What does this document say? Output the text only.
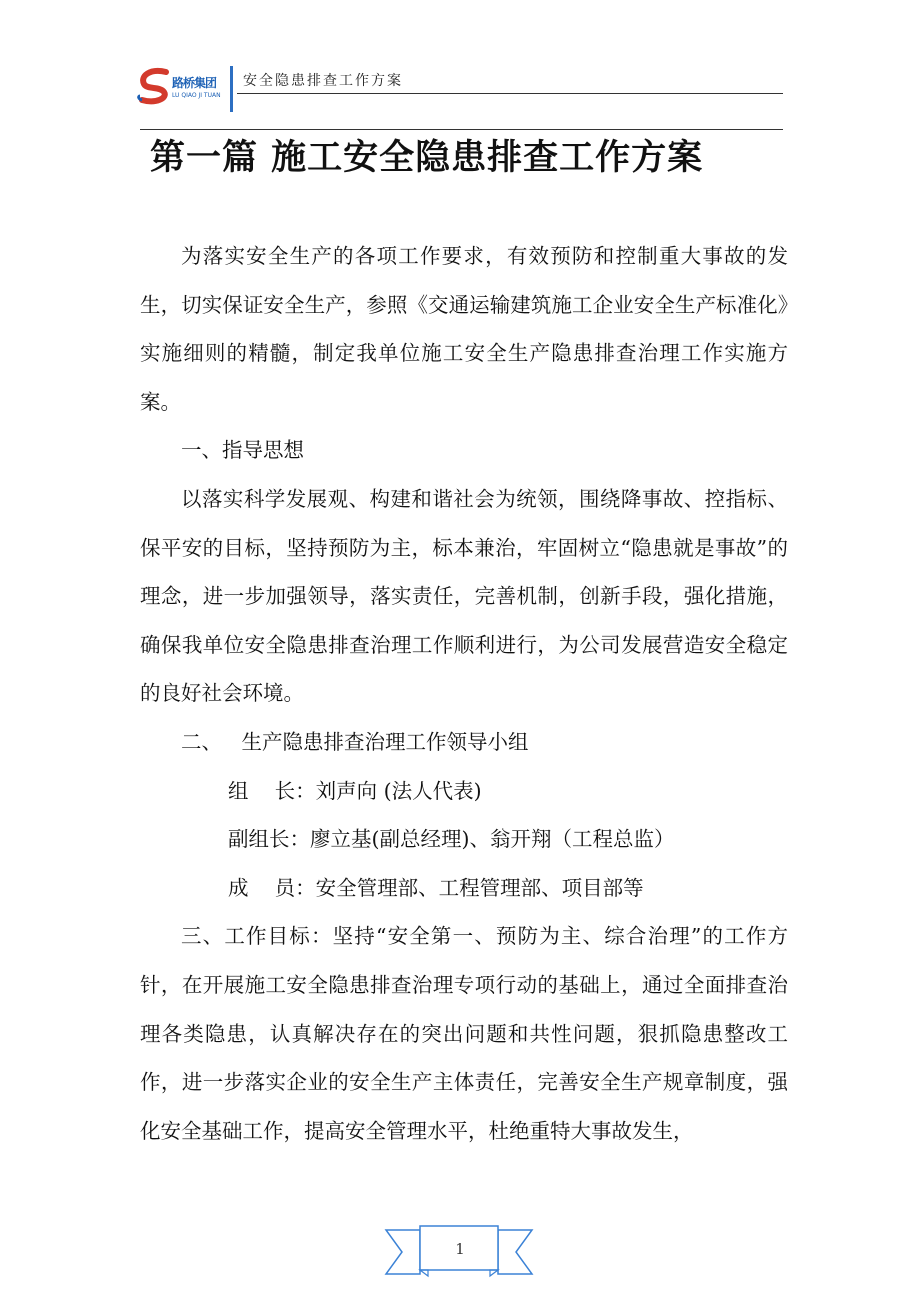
路桥集团
LU QIAO JI TUAN
安全隐患排查工作方案
第一篇 施工安全隐患排查工作方案

为落实安全生产的各项工作要求，有效预防和控制重大事故的发生，切实保证安全生产，参照《交通运输建筑施工企业安全生产标准化》实施细则的精髓，制定我单位施工安全生产隐患排查治理工作实施方案。

一、指导思想

以落实科学发展观、构建和谐社会为统领，围绕降事故、控指标、保平安的目标，坚持预防为主，标本兼治，牢固树立“隐患就是事故”的理念，进一步加强领导，落实责任，完善机制，创新手段，强化措施，确保我单位安全隐患排查治理工作顺利进行，为公司发展营造安全稳定的良好社会环境。

二、   生产隐患排查治理工作领导小组

组    长：刘声向 (法人代表)

副组长：廖立基(副总经理)、翁开翔（工程总监）

成    员：安全管理部、工程管理部、项目部等

三、工作目标：坚持“安全第一、预防为主、综合治理”的工作方针，在开展施工安全隐患排查治理专项行动的基础上，通过全面排查治理各类隐患，认真解决存在的突出问题和共性问题，狠抓隐患整改工作，进一步落实企业的安全生产主体责任，完善安全生产规章制度，强化安全基础工作，提高安全管理水平，杜绝重特大事故发生，

1
